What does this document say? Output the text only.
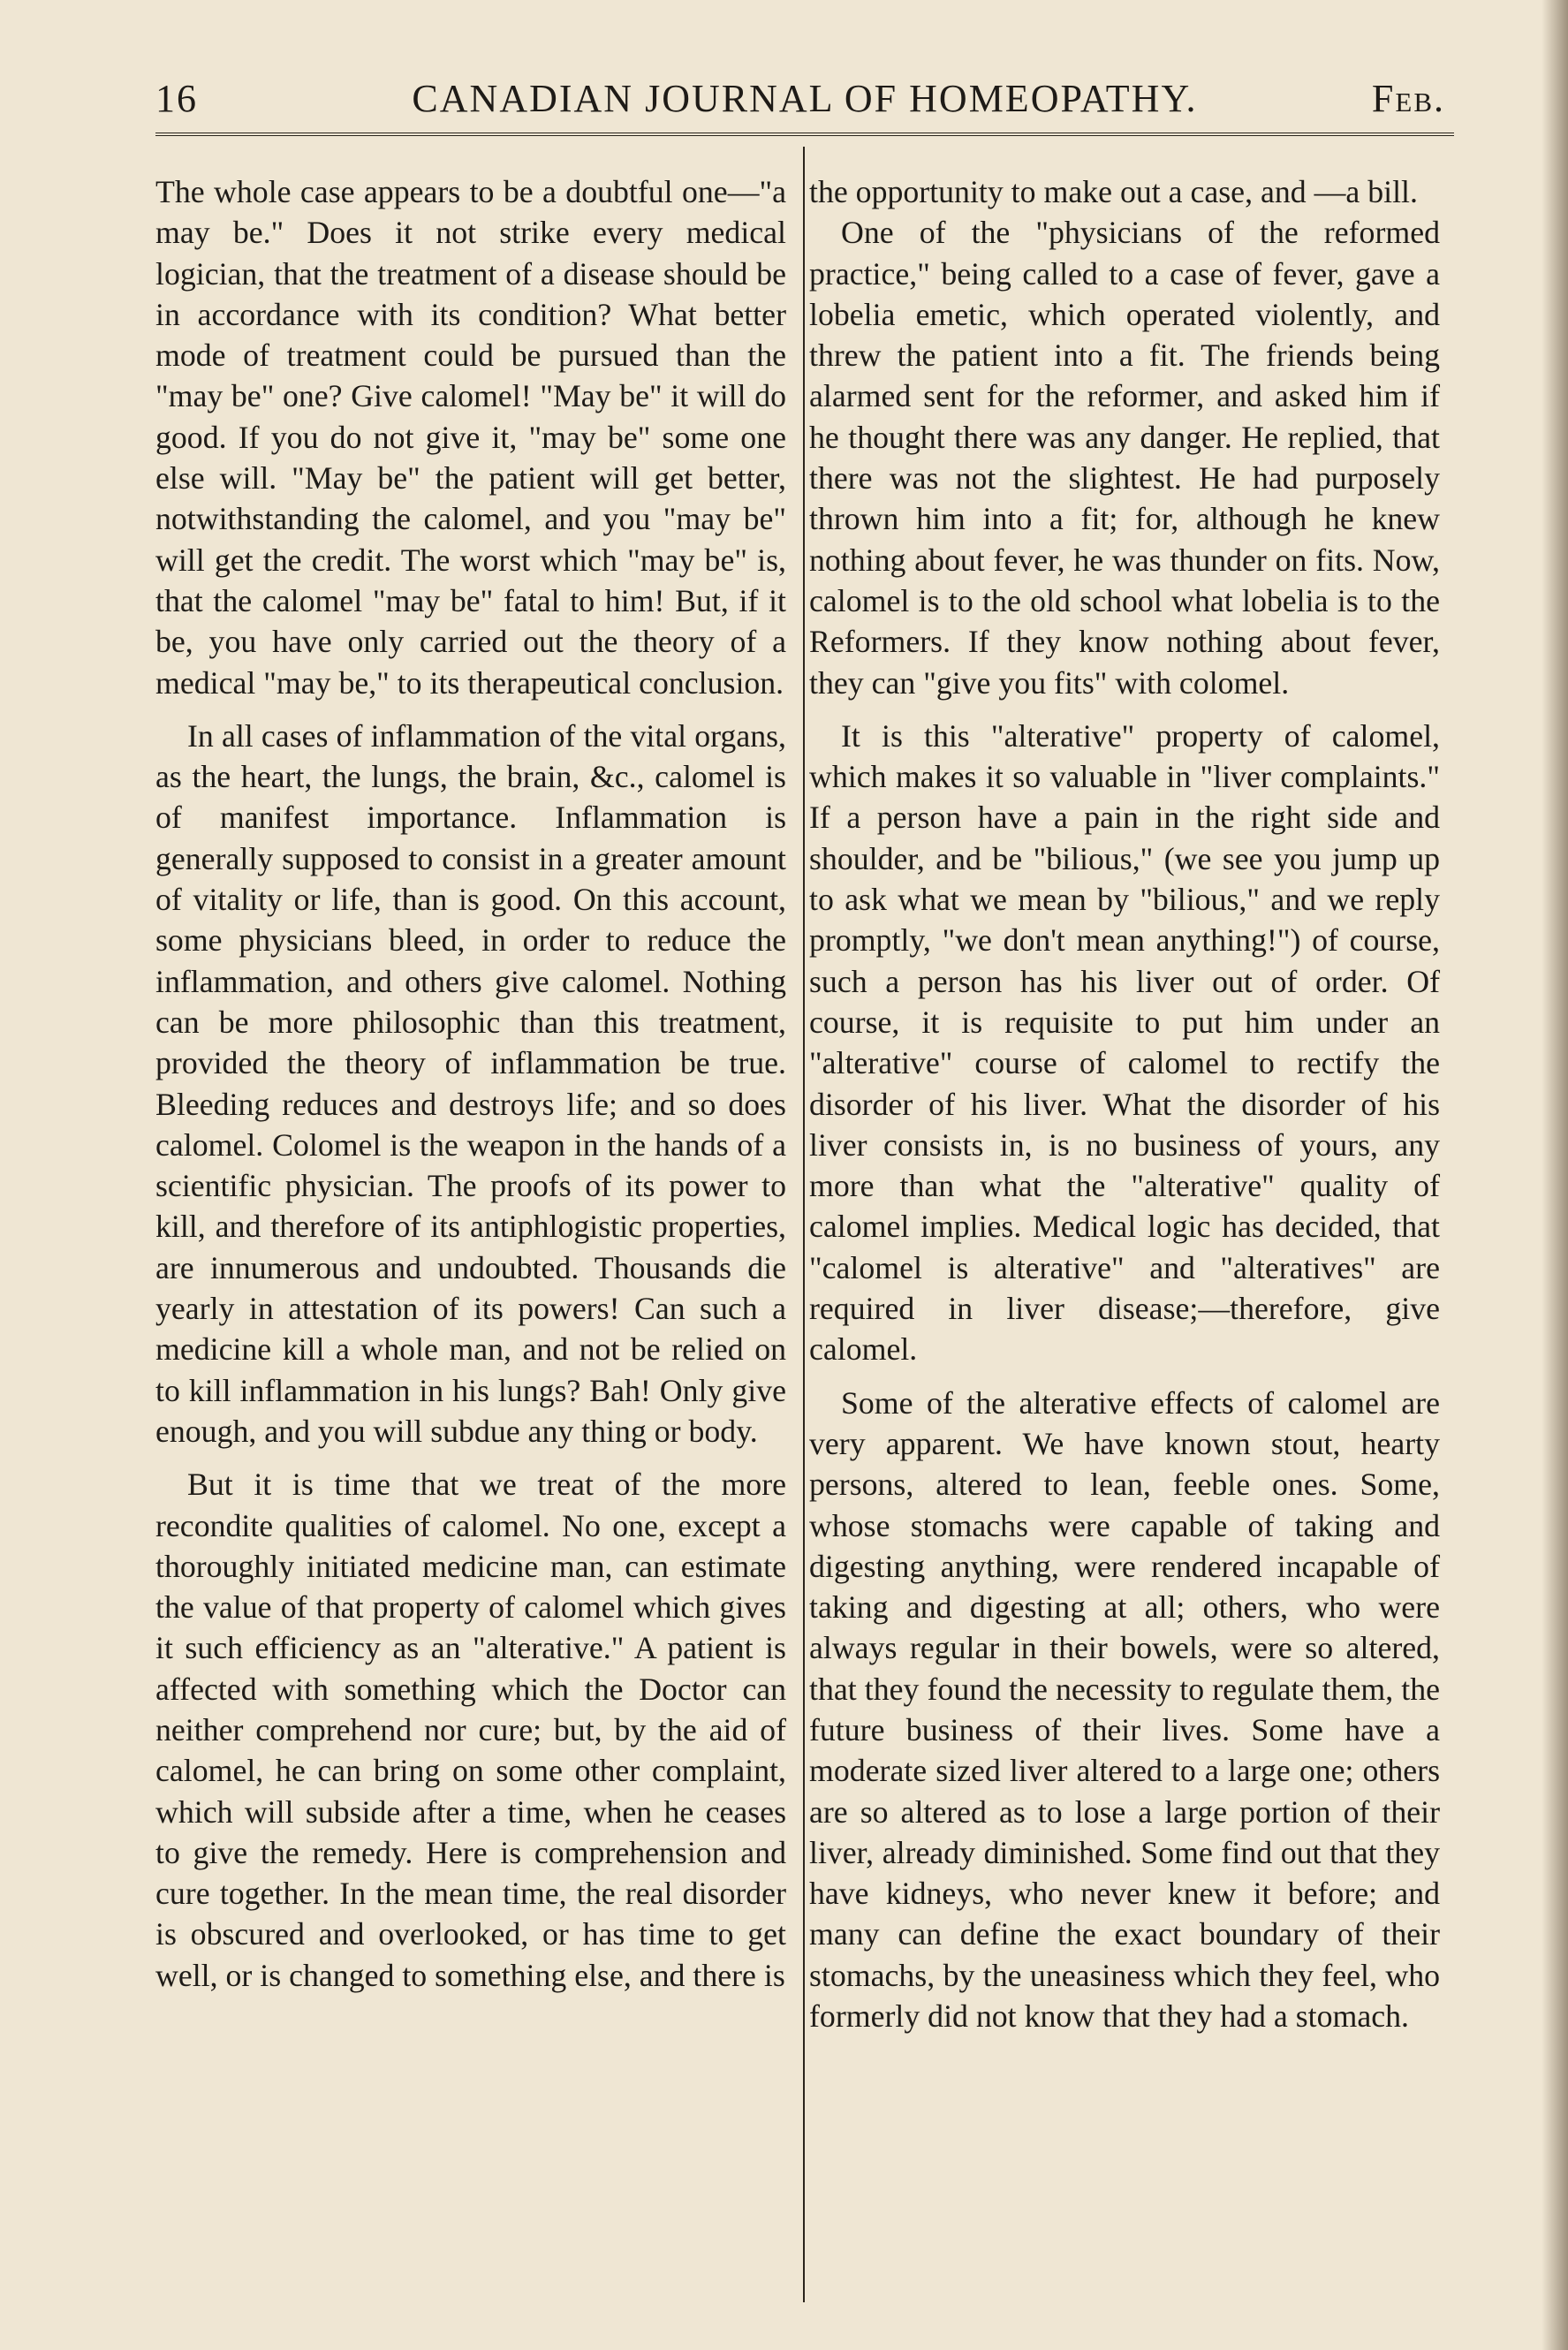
16	CANADIAN JOURNAL OF HOMEOPATHY.	Feb.

The whole case appears to be a doubtful one—"a may be." Does it not strike every medical logician, that the treatment of a disease should be in accordance with its condition? What better mode of treatment could be pursued than the "may be" one? Give calomel! "May be" it will do good. If you do not give it, "may be" some one else will. "May be" the patient will get better, notwithstanding the calomel, and you "may be" will get the credit. The worst which "may be" is, that the calomel "may be" fatal to him! But, if it be, you have only carried out the theory of a medical "may be," to its therapeutical conclusion.

In all cases of inflammation of the vital organs, as the heart, the lungs, the brain, &c., calomel is of manifest importance. Inflammation is generally supposed to consist in a greater amount of vitality or life, than is good. On this account, some physicians bleed, in order to reduce the inflammation, and others give calomel. Nothing can be more philosophic than this treatment, provided the theory of inflammation be true. Bleeding reduces and destroys life; and so does calomel. Colomel is the weapon in the hands of a scientific physician. The proofs of its power to kill, and therefore of its antiphlogistic properties, are innumerous and undoubted. Thousands die yearly in attestation of its powers! Can such a medicine kill a whole man, and not be relied on to kill inflammation in his lungs? Bah! Only give enough, and you will subdue any thing or body.

But it is time that we treat of the more recondite qualities of calomel. No one, except a thoroughly initiated medicine man, can estimate the value of that property of calomel which gives it such efficiency as an "alterative." A patient is affected with something which the Doctor can neither comprehend nor cure; but, by the aid of calomel, he can bring on some other complaint, which will subside after a time, when he ceases to give the remedy. Here is comprehension and cure together. In the mean time, the real disorder is obscured and overlooked, or has time to get well, or is changed to something else, and there is

the opportunity to make out a case, and —a bill.

One of the "physicians of the reformed practice," being called to a case of fever, gave a lobelia emetic, which operated violently, and threw the patient into a fit. The friends being alarmed sent for the reformer, and asked him if he thought there was any danger. He replied, that there was not the slightest. He had purposely thrown him into a fit; for, although he knew nothing about fever, he was thunder on fits. Now, calomel is to the old school what lobelia is to the Reformers. If they know nothing about fever, they can "give you fits" with colomel.

It is this "alterative" property of calomel, which makes it so valuable in "liver complaints." If a person have a pain in the right side and shoulder, and be "bilious," (we see you jump up to ask what we mean by "bilious," and we reply promptly, "we don't mean anything!") of course, such a person has his liver out of order. Of course, it is requisite to put him under an "alterative" course of calomel to rectify the disorder of his liver. What the disorder of his liver consists in, is no business of yours, any more than what the "alterative" quality of calomel implies. Medical logic has decided, that "calomel is alterative" and "alteratives" are required in liver disease;—therefore, give calomel.

Some of the alterative effects of calomel are very apparent. We have known stout, hearty persons, altered to lean, feeble ones. Some, whose stomachs were capable of taking and digesting anything, were rendered incapable of taking and digesting at all; others, who were always regular in their bowels, were so altered, that they found the necessity to regulate them, the future business of their lives. Some have a moderate sized liver altered to a large one; others are so altered as to lose a large portion of their liver, already diminished. Some find out that they have kidneys, who never knew it before; and many can define the exact boundary of their stomachs, by the uneasiness which they feel, who formerly did not know that they had a stomach.
